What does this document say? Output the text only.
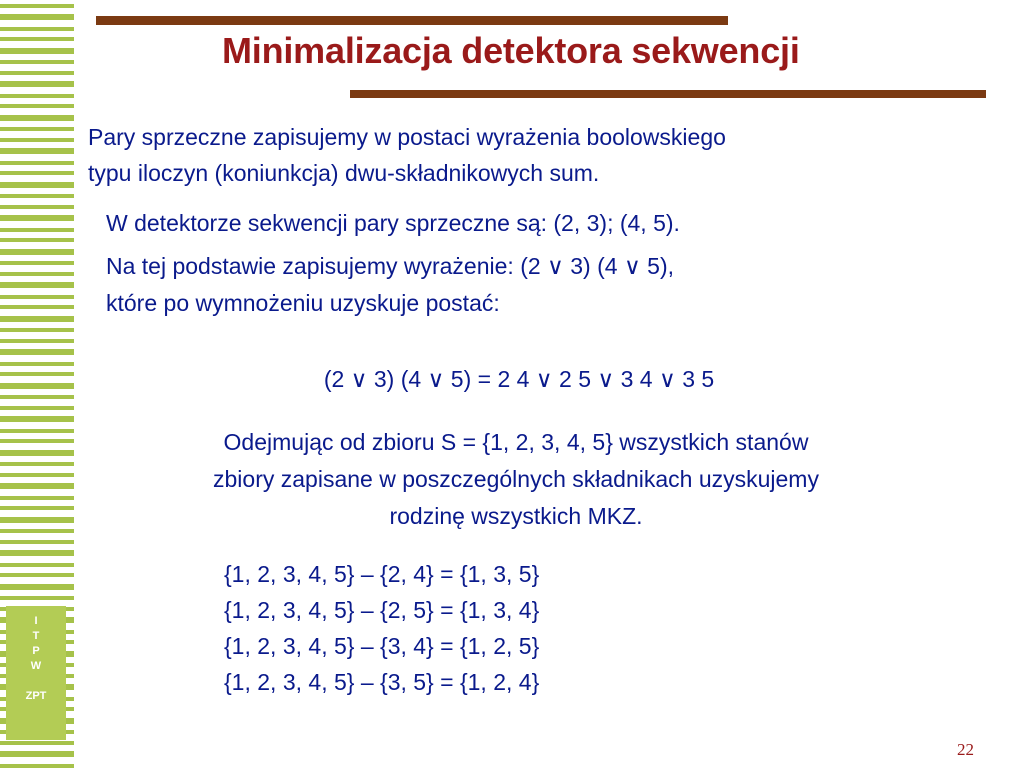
I
T
P
W
ZPT
Minimalizacja detektora sekwencji
Pary sprzeczne zapisujemy w postaci wyrażenia boolowskiego
typu iloczyn (koniunkcja) dwu-składnikowych sum.
W detektorze sekwencji pary sprzeczne są: (2, 3); (4, 5).
Na tej podstawie zapisujemy wyrażenie: (2 ∨ 3) (4 ∨ 5),
które po wymnożeniu uzyskuje postać:
(2 ∨ 3) (4 ∨ 5) = 2 4 ∨ 2 5 ∨ 3 4 ∨ 3 5
Odejmując od zbioru S = {1, 2, 3, 4, 5} wszystkich stanów
zbiory zapisane w poszczególnych składnikach uzyskujemy
rodzinę wszystkich MKZ.
{1, 2, 3, 4, 5} – {2, 4} = {1, 3, 5}
{1, 2, 3, 4, 5} – {2, 5} = {1, 3, 4}
{1, 2, 3, 4, 5} – {3, 4} = {1, 2, 5}
{1, 2, 3, 4, 5} – {3, 5} = {1, 2, 4}
22
